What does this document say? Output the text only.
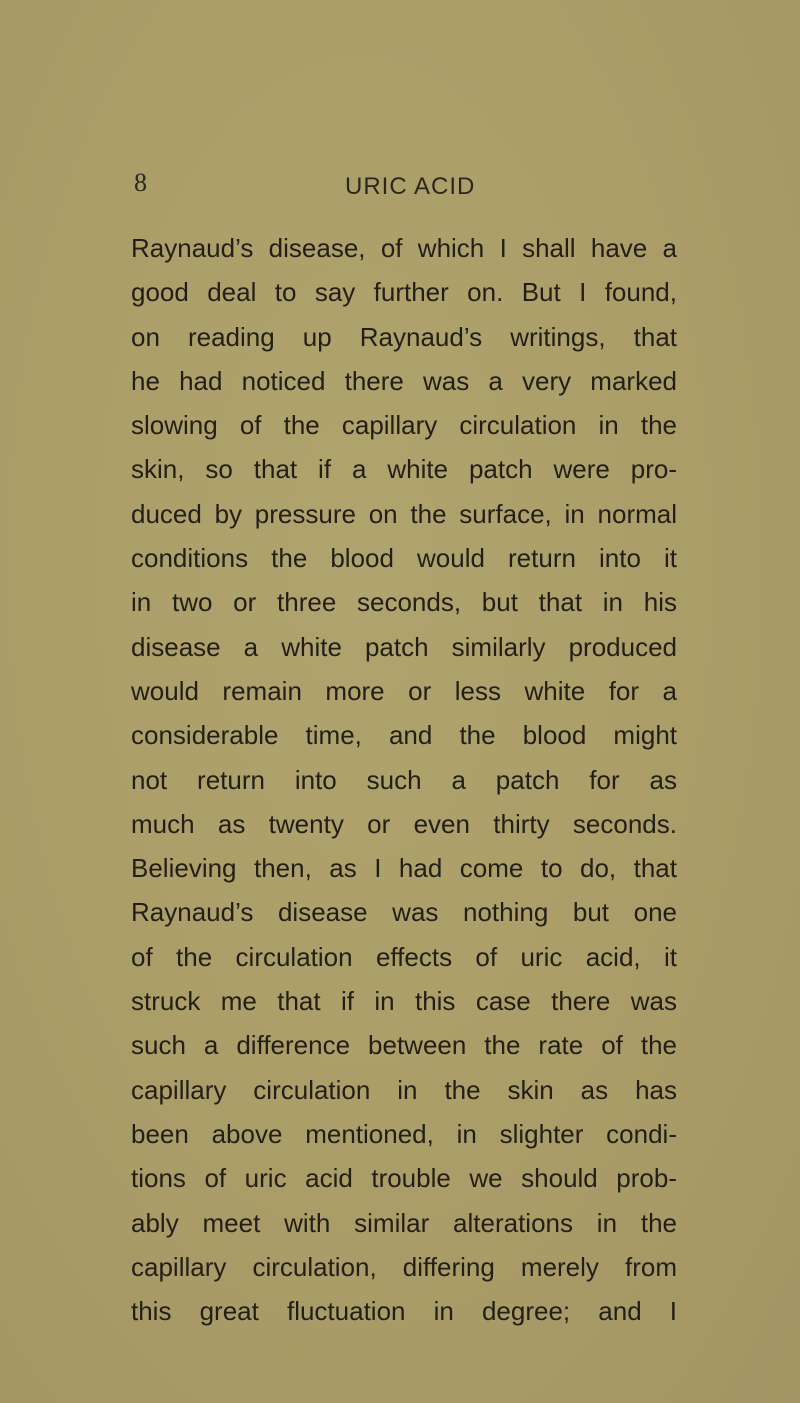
8	URIC ACID
Raynaud’s disease, of which I shall have a
good deal to say further on. But I found,
on reading up Raynaud’s writings, that
he had noticed there was a very marked
slowing of the capillary circulation in the
skin, so that if a white patch were pro-
duced by pressure on the surface, in normal
conditions the blood would return into it
in two or three seconds, but that in his
disease a white patch similarly produced
would remain more or less white for a
considerable time, and the blood might
not return into such a patch for as
much as twenty or even thirty seconds.
Believing then, as I had come to do, that
Raynaud’s disease was nothing but one
of the circulation effects of uric acid, it
struck me that if in this case there was
such a difference between the rate of the
capillary circulation in the skin as has
been above mentioned, in slighter condi-
tions of uric acid trouble we should prob-
ably meet with similar alterations in the
capillary circulation, differing merely from
this great fluctuation in degree; and I
